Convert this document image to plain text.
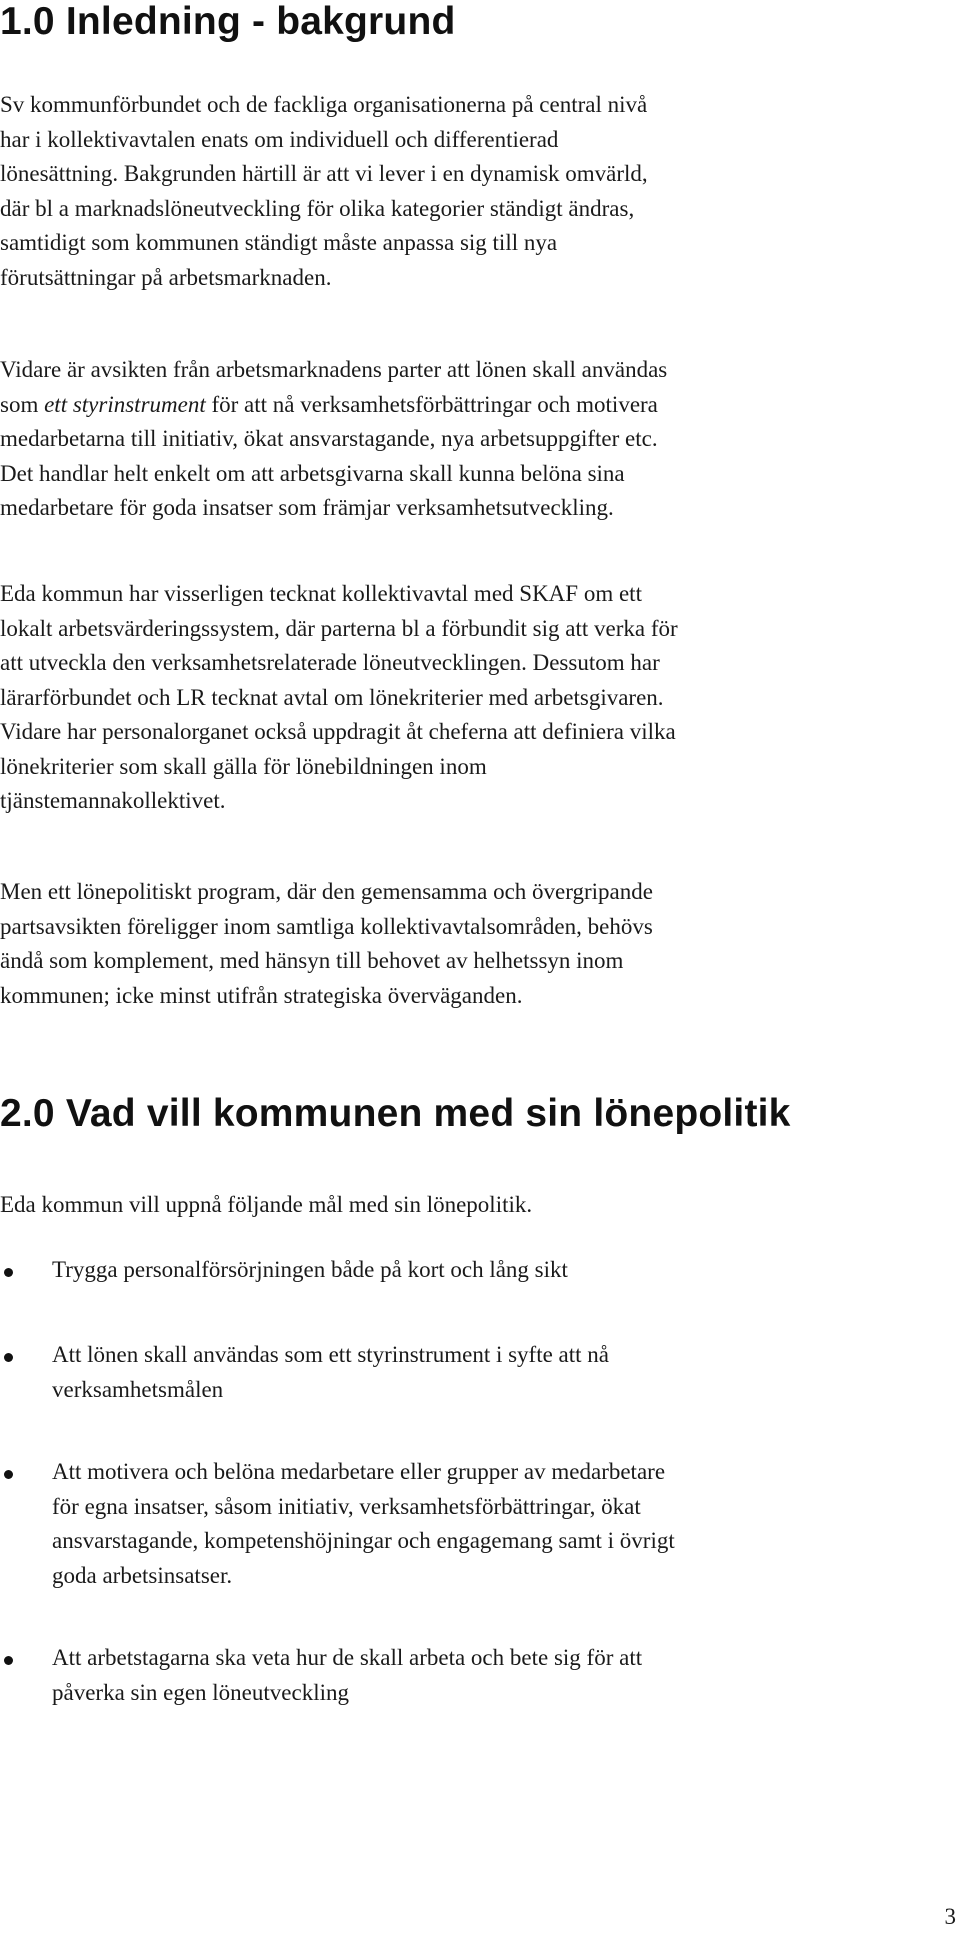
1.0 Inledning - bakgrund

Sv kommunförbundet och de fackliga organisationerna på central nivå
har i kollektivavtalen enats om individuell och differentierad
lönesättning. Bakgrunden härtill är att vi lever i en dynamisk omvärld,
där bl a marknadslöneutveckling för olika kategorier ständigt ändras,
samtidigt som kommunen ständigt måste anpassa sig till nya
förutsättningar på arbetsmarknaden.

Vidare är avsikten från arbetsmarknadens parter att lönen skall användas
som ett styrinstrument för att nå verksamhetsförbättringar och motivera
medarbetarna till initiativ, ökat ansvarstagande, nya arbetsuppgifter etc.
Det handlar helt enkelt om att arbetsgivarna skall kunna belöna sina
medarbetare för goda insatser som främjar verksamhetsutveckling.

Eda kommun har visserligen tecknat kollektivavtal med SKAF om ett
lokalt arbetsvärderingssystem, där parterna bl a förbundit sig att verka för
att utveckla den verksamhetsrelaterade löneutvecklingen. Dessutom har
lärarförbundet och LR tecknat avtal om lönekriterier med arbetsgivaren.
Vidare har personalorganet också uppdragit åt cheferna att definiera vilka
lönekriterier som skall gälla för lönebildningen inom
tjänstemannakollektivet.

Men ett lönepolitiskt program, där den gemensamma och övergripande
partsavsikten föreligger inom samtliga kollektivavtalsområden, behövs
ändå som komplement, med hänsyn till behovet av helhetssyn inom
kommunen; icke minst utifrån strategiska överväganden.

2.0 Vad vill kommunen med sin lönepolitik

Eda kommun vill uppnå följande mål med sin lönepolitik.

Trygga personalförsörjningen både på kort och lång sikt
Att lönen skall användas som ett styrinstrument i syfte att nå
verksamhetsmålen
Att motivera och belöna medarbetare eller grupper av medarbetare
för egna insatser, såsom initiativ, verksamhetsförbättringar, ökat
ansvarstagande, kompetenshöjningar och engagemang samt i övrigt
goda arbetsinsatser.
Att arbetstagarna ska veta hur de skall arbeta och bete sig för att
påverka sin egen löneutveckling
3
